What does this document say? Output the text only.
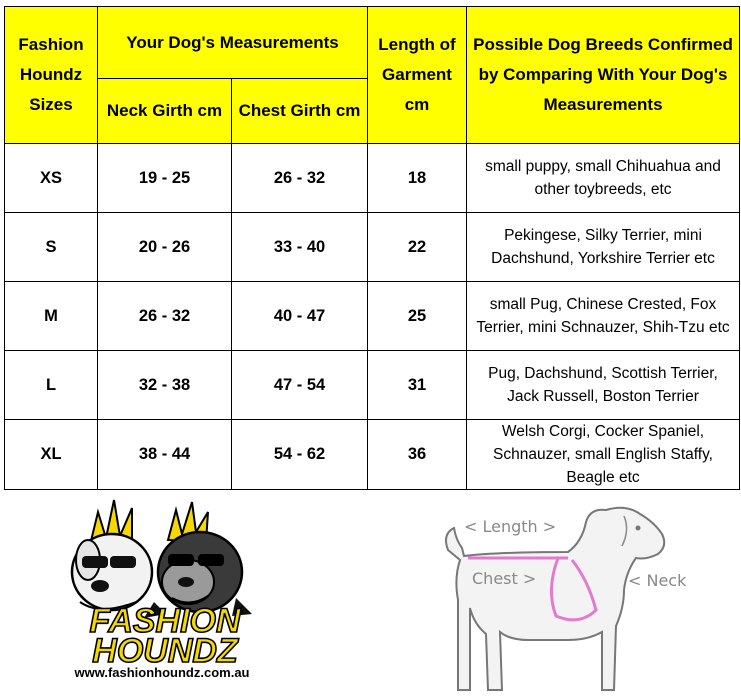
Fashion Houndz Sizes	Your Dog's Measurements		Length of Garment cm	Possible Dog Breeds Confirmed by Comparing With Your Dog's Measurements
	Neck Girth cm	Chest Girth cm		
XS	19 - 25	26 - 32	18	small puppy, small Chihuahua and other toybreeds, etc
S	20 - 26	33 - 40	22	Pekingese, Silky Terrier, mini Dachshund, Yorkshire Terrier etc
M	26 - 32	40 - 47	25	small Pug, Chinese Crested, Fox Terrier, mini Schnauzer, Shih-Tzu etc
L	32 - 38	47 - 54	31	Pug, Dachshund, Scottish Terrier, Jack Russell, Boston Terrier
XL	38 - 44	54 - 62	36	Welsh Corgi, Cocker Spaniel, Schnauzer, small English Staffy, Beagle etc
FASHION
HOUNDZ
www.fashionhoundz.com.au
< Length >
Chest >	< Neck
